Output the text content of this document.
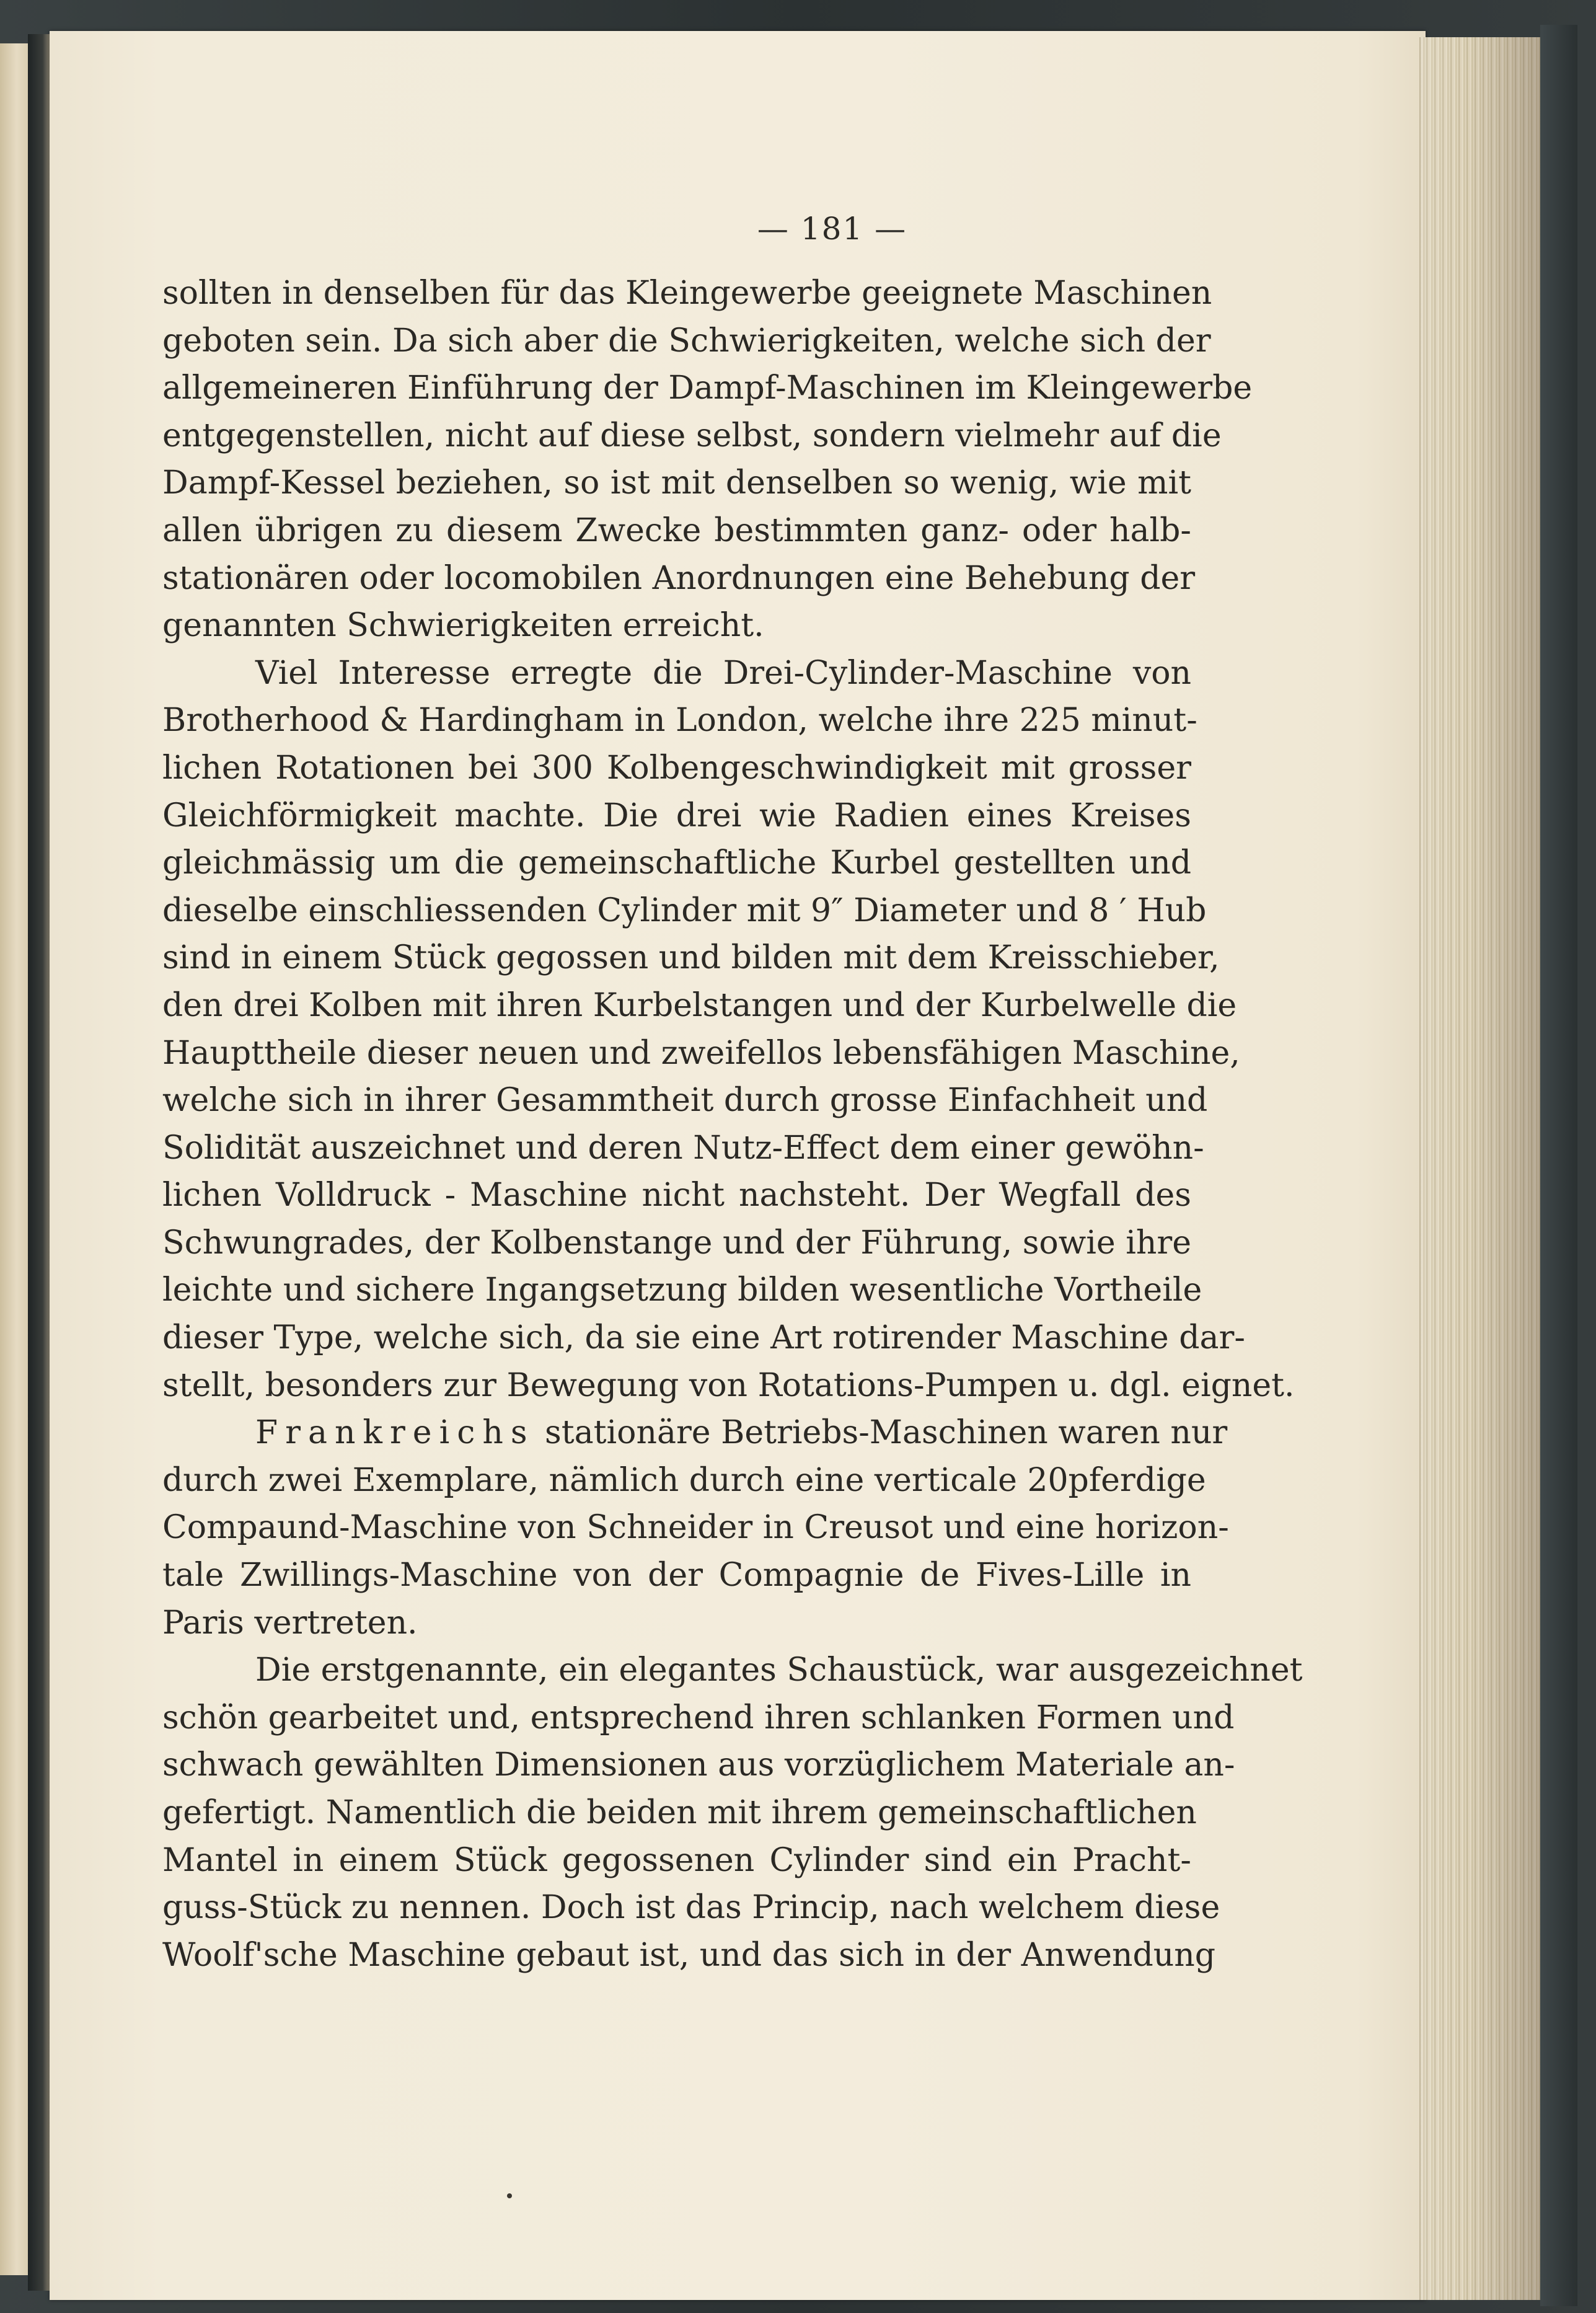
— 181 —
sollten in denselben für das Kleingewerbe geeignete Maschinen
geboten sein. Da sich aber die Schwierigkeiten, welche sich der
allgemeineren Einführung der Dampf-Maschinen im Kleingewerbe
entgegenstellen, nicht auf diese selbst, sondern vielmehr auf die
Dampf-Kessel beziehen, so ist mit denselben so wenig, wie mit
allen übrigen zu diesem Zwecke bestimmten ganz- oder halb-
stationären oder locomobilen Anordnungen eine Behebung der
genannten Schwierigkeiten erreicht.
Viel Interesse erregte die Drei-Cylinder-Maschine von
Brotherhood & Hardingham in London, welche ihre 225 minut-
lichen Rotationen bei 300 Kolbengeschwindigkeit mit grosser
Gleichförmigkeit machte. Die drei wie Radien eines Kreises
gleichmässig um die gemeinschaftliche Kurbel gestellten und
dieselbe einschliessenden Cylinder mit 9″ Diameter und 8 ′ Hub
sind in einem Stück gegossen und bilden mit dem Kreisschieber,
den drei Kolben mit ihren Kurbelstangen und der Kurbelwelle die
Haupttheile dieser neuen und zweifellos lebensfähigen Maschine,
welche sich in ihrer Gesammtheit durch grosse Einfachheit und
Solidität auszeichnet und deren Nutz-Effect dem einer gewöhn-
lichen Volldruck - Maschine nicht nachsteht. Der Wegfall des
Schwungrades, der Kolbenstange und der Führung, sowie ihre
leichte und sichere Ingangsetzung bilden wesentliche Vortheile
dieser Type, welche sich, da sie eine Art rotirender Maschine dar-
stellt, besonders zur Bewegung von Rotations-Pumpen u. dgl. eignet.
Frankreichs stationäre Betriebs-Maschinen waren nur
durch zwei Exemplare, nämlich durch eine verticale 20pferdige
Compaund-Maschine von Schneider in Creusot und eine horizon-
tale Zwillings-Maschine von der Compagnie de Fives-Lille in
Paris vertreten.
Die erstgenannte, ein elegantes Schaustück, war ausgezeichnet
schön gearbeitet und, entsprechend ihren schlanken Formen und
schwach gewählten Dimensionen aus vorzüglichem Materiale an-
gefertigt. Namentlich die beiden mit ihrem gemeinschaftlichen
Mantel in einem Stück gegossenen Cylinder sind ein Pracht-
guss-Stück zu nennen. Doch ist das Princip, nach welchem diese
Woolf'sche Maschine gebaut ist, und das sich in der Anwendung
